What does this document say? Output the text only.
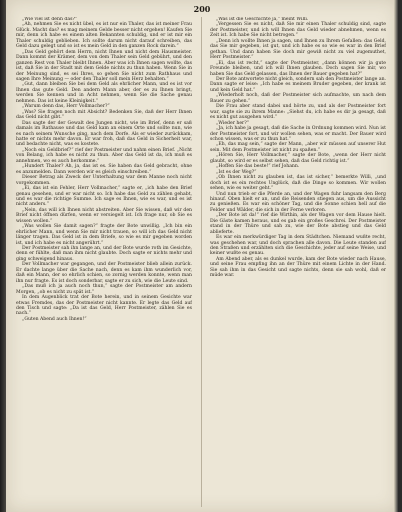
200

„Wie viel ist denn das?“

„Ah, nehmen Sie es nicht übel, es ist nur ein Thaler, das ist meiner Frau Glück. Macht das? es mag meinem Gelde besser nicht ergehen! Kaufen Sie mir, denn ich habe es einem alten Bekannten schuldig, und er ist mir ein Thaler schuldig geblieben. Ich sollte darum nicht darauf schreiben, das Geld dazu gelegt und so ist es mein Geld in den ganzen Rock darein.“

„Das Geld gehört dem Herrn, nicht Ihnen und nicht dem Hausmeister. Dann kommt der Krämer, dem von dem Thaler sein Geld gebührt, und den ganzen Rest von Thaler bleibt Ihnen. Aber was ich Ihnen sagen wollte, das ist, daß Sie in der Stadt mit dem Gelde nichts zu thun haben. Wenn Sie in der Meinung sind, es sei Ihres, so gehen Sie nicht zum Rathhaus und sagen Ihre Meinung — oder den Thaler soll mein Herz behalten.“

„Gut, dann bleiben Sie bei dem Geld als ehrlicher Mann, und es ist vor Ihnen das gute Geld. Den andern Mann aber, der es zu Ihnen bringt, werden Sie kennen und in Acht nehmen, wenn Sie die Sache genau nehmen. Das ist keine Kleinigkeit.“

„Warum denn das, Herr Vollmacher?“

„Was? Sie fragen noch mit Absicht? Bedenken Sie, daß der Herr Ihnen das Geld nicht gibt.“

Das sagte der der Gewalt des Jungen nicht, wie im Brief, denn er saß damals im Rathause und das Geld kam an einem Orte und sollte nun, wie es nach seinem Wunsche ging, nach dem Dorfe. Als er wieder zurückkam, hatte er nichts mehr davon. Er war froh, daß das Geld in Sicherheit war, und bedachte nicht, was es kostete.

„Noch ein Geldbrief?“ rief der Postmeister und nahm einen Brief. „Nicht von Belang, ich habe es nicht zu thun. Aber das Geld ist da, ich muß es annehmen, wo es auch herkomme.“

„Hundert Thaler? Ah, ja, das ist es. Sie haben das Geld gebracht, ohne es anzumelden. Dann werden wir es gleich einschreiben.“

Dieser Betrag als Zweck der Unterhaltung war dem Manne noch nicht vorgekommen.

„Ei, das ist ein Fehler, Herr Vollmacher,“ sagte er, „ich habe den Brief genau gesehen, und er war nicht so. Ich habe das Geld zu zählen gehabt, und es war die richtige Summe. Ich sage es Ihnen, wie es war, und es ist nicht anders.“

„Nein, das will ich Ihnen nicht abstreiten. Aber Sie wissen, daß wir den Brief nicht öffnen dürfen, wenn er versiegelt ist. Ich frage nur, ob Sie es wissen wollen.“

„Was wollen Sie damit sagen?“ fragte der Bote unwillig. „Ich bin ein ehrlicher Mann, und wenn Sie mir nicht trauen, so will ich das Geld nicht länger tragen. Das Geld ist in dem Briefe, so wie es mir gegeben worden ist, und ich habe es nicht angerührt.“

Der Postmeister sah ihn lange an, und der Bote wurde roth im Gesichte, denn er fühlte, daß man ihm nicht glaubte. Doch sagte er nichts mehr und ging schweigend hinaus.

Der Vollmacher war gegangen, und der Postmeister blieb allein zurück. Er dachte lange über die Sache nach, denn es kam ihm wunderlich vor, daß ein Mann, der so ehrlich schien, so zornig werden konnte, wenn man ihn nur fragte. Es ist doch sonderbar, sagte er zu sich, wie die Leute sind.

„Das muß ich ja auch noch thun,“ sagte der Postmeister am andern Morgen, „ob es nicht zu spät ist.“

In dem Augenblick trat der Bote herein, und in seinem Gesichte war etwas Fremdes, das der Postmeister nicht kannte. Er legte das Geld auf den Tisch und sagte: „Da ist das Geld, Herr Postmeister, zählen Sie es nach.“

„Guten Abend auch Ihnen!“

„Was ist die Geschichte ja,“ meint Willi.

„Vergessen Sie es nicht, daß Sie mir einen Thaler schuldig sind, sagte der Postmeister, und ich will Ihnen das Geld wieder abnehmen, wenn es Zeit ist. Ich habe Sie nicht betrogen.“

„Denn ich wollte Ihnen ja sagen, und Ihnen zu Ihrem Gefallen: das Geld, das Sie mir gegeben, ist gut, und ich habe es so wie es war in den Brief gethan. Und dann haben Sie doch mir gewiß nicht zu viel zugemuthet, Herr Postmeister.“

„Ei, das ist recht,“ sagte der Postmeister, „dann können wir ja gute Freunde bleiben, und ich will Ihnen glauben. Doch sagen Sie mir, wo haben Sie das Geld gelassen, das Ihnen der Bauer gegeben hat?“

Der Bote antwortete nicht gleich, sondern sah den Postmeister lange an. Dann sagte er leise: „Ich habe es meinem Bruder gegeben, der krank ist und kein Geld hat.“

„Wiederholt noch, daß der Postmeister sich aufmachte, um nach dem Bauer zu gehen.“

Die Frau aber stand dabei und hörte zu, und als der Postmeister fort war, sagte sie zu ihrem Manne: „Siehst du, ich habe es dir ja gesagt, daß es nicht gut ausgehen wird.“

„Wieder her?“

„Ja, ich habe ja gesagt, daß die Sache in Ordnung kommen wird. Nun ist der Postmeister fort, und wir wollen sehen, was er macht. Der Bauer wird schon wissen, was er zu thun hat.“

„Eh, das mag sein,“ sagte der Mann, „aber wir müssen auf unserer Hut sein. Mit dem Postmeister ist nicht zu spaßen.“

„Hören Sie, Herr Vollmacher,“ sagte der Bote, „wenn der Herr nicht glaubt, so wird er es selbst sehen, daß das Geld richtig ist.“

„Hoffen Sie das beste!“ rief Johann.

„Ist es der Weg?“

„Ob Ihnen nicht zu glauben ist, das ist sicher,“ bemerkte Willi, „und doch ist es ein rechtes Unglück, daß die Dinge so kommen. Wir wollen sehen, wie es weiter geht.“

Und nun trieb er die Pferde an, und der Wagen fuhr langsam den Berg hinauf. Oben hielt er an, und die Reisenden stiegen aus, um die Aussicht zu genießen. Es war ein schöner Tag, und die Sonne schien hell auf die Felder und Wälder, die sich in der Ferne verloren.

„Der Bote ist da!“ rief die Wirthin, als der Wagen vor dem Hause hielt. Die Gäste kamen heraus, und es gab ein großes Geschrei. Der Postmeister stand in der Thüre und sah zu, wie der Bote abstieg und das Geld ablieferte.

Es war ein merkwürdiger Tag in dem Städtchen. Niemand wußte recht, was geschehen war, und doch sprachen alle davon. Die Leute standen auf den Straßen und erzählten sich die Geschichte, jeder auf seine Weise, und keiner wußte es genau.

Am Abend aber, als es dunkel wurde, kam der Bote wieder nach Hause, und seine Frau empfing ihn an der Thüre mit einem Lichte in der Hand. Sie sah ihm in das Gesicht und sagte nichts, denn sie sah wohl, daß er müde war.
